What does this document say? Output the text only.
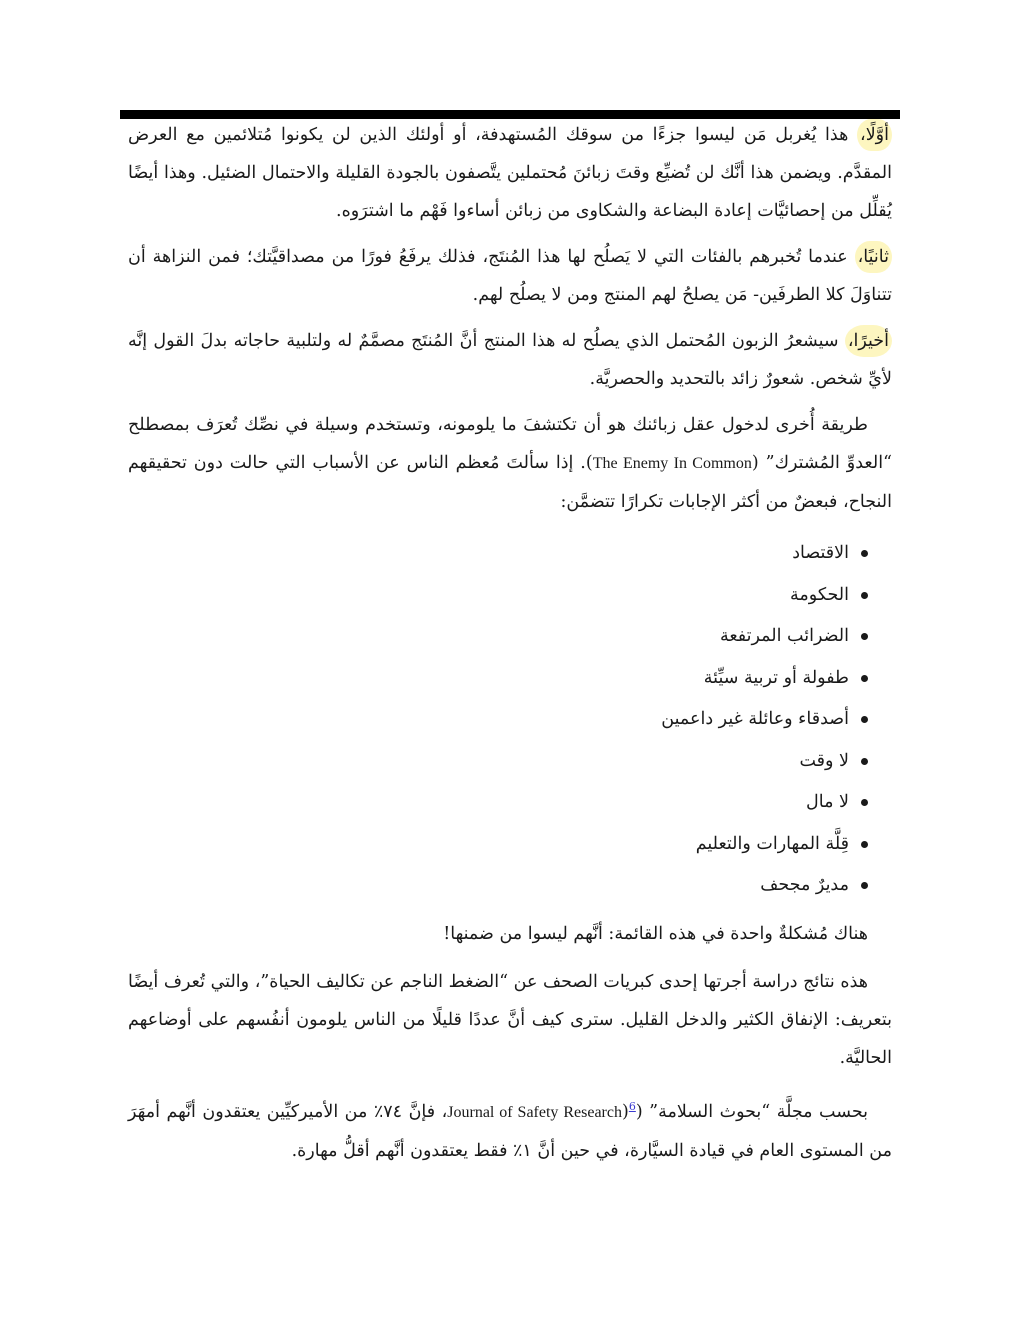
أوَّلًا، هذا يُغربل مَن ليسوا جزءًا من سوقك المُستهدفة، أو أولئك الذين لن يكونوا مُتلائمين مع العرض المقدَّم. ويضمن هذا أنَّك لن تُضيِّع وقتَ زبائنَ مُحتملين يتَّصفون بالجودة القليلة والاحتمال الضئيل. وهذا أيضًا يُقلِّل من إحصائيَّات إعادة البضاعة والشكاوى من زبائن أساءوا فَهْم ما اشترَوه.

ثانيًا، عندما تُخبرهم بالفئات التي لا يَصلُح لها هذا المُنتَج، فذلك يرفَعُ فورًا من مصداقيَّتك؛ فمن النزاهة أن تتناوَلَ كلا الطرفَين- مَن يصلحُ لهم المنتج ومن لا يصلُح لهم.

أخيرًا، سيشعرُ الزبون المُحتمل الذي يصلُح له هذا المنتج أنَّ المُنتَج مصمَّمٌ له ولتلبية حاجاته بدلَ القول إنَّه لأيِّ شخص. شعورٌ زائد بالتحديد والحصريَّة.

طريقة أُخرى لدخول عقل زبائنك هو أن تكتشفَ ما يلومونه، وتستخدم وسيلة في نصِّك تُعرَف بمصطلح “العدوِّ المُشترك” (The Enemy In Common). إذا سألتَ مُعظم الناس عن الأسباب التي حالت دون تحقيقهم النجاح، فبعضٌ من أكثر الإجابات تكرارًا تتضمَّن:

الاقتصاد
الحكومة
الضرائب المرتفعة
طفولة أو تربية سيِّئة
أصدقاء وعائلة غير داعمين
لا وقت
لا مال
قِلَّة المهارات والتعليم
مديرٌ مجحف

هناك مُشكلةٌ واحدة في هذه القائمة: أنَّهم ليسوا من ضمنها!

هذه نتائج دراسة أجرتها إحدى كبريات الصحف عن “الضغط الناجم عن تكاليف الحياة”، والتي تُعرف أيضًا بتعريف: الإنفاق الكثير والدخل القليل. سترى كيف أنَّ عددًا قليلًا من الناس يلومون أنفُسهم على أوضاعهم الحاليَّة.

بحسب مجلَّة “بحوث السلامة” (Journal of Safety Research)$^6$، فإنَّ ٧٤٪ من الأميركيِّين يعتقدون أنَّهم أمهَرَ من المستوى العام في قيادة السيَّارة، في حين أنَّ ١٪ فقط يعتقدون أنَّهم أقلُّ مهارة.
